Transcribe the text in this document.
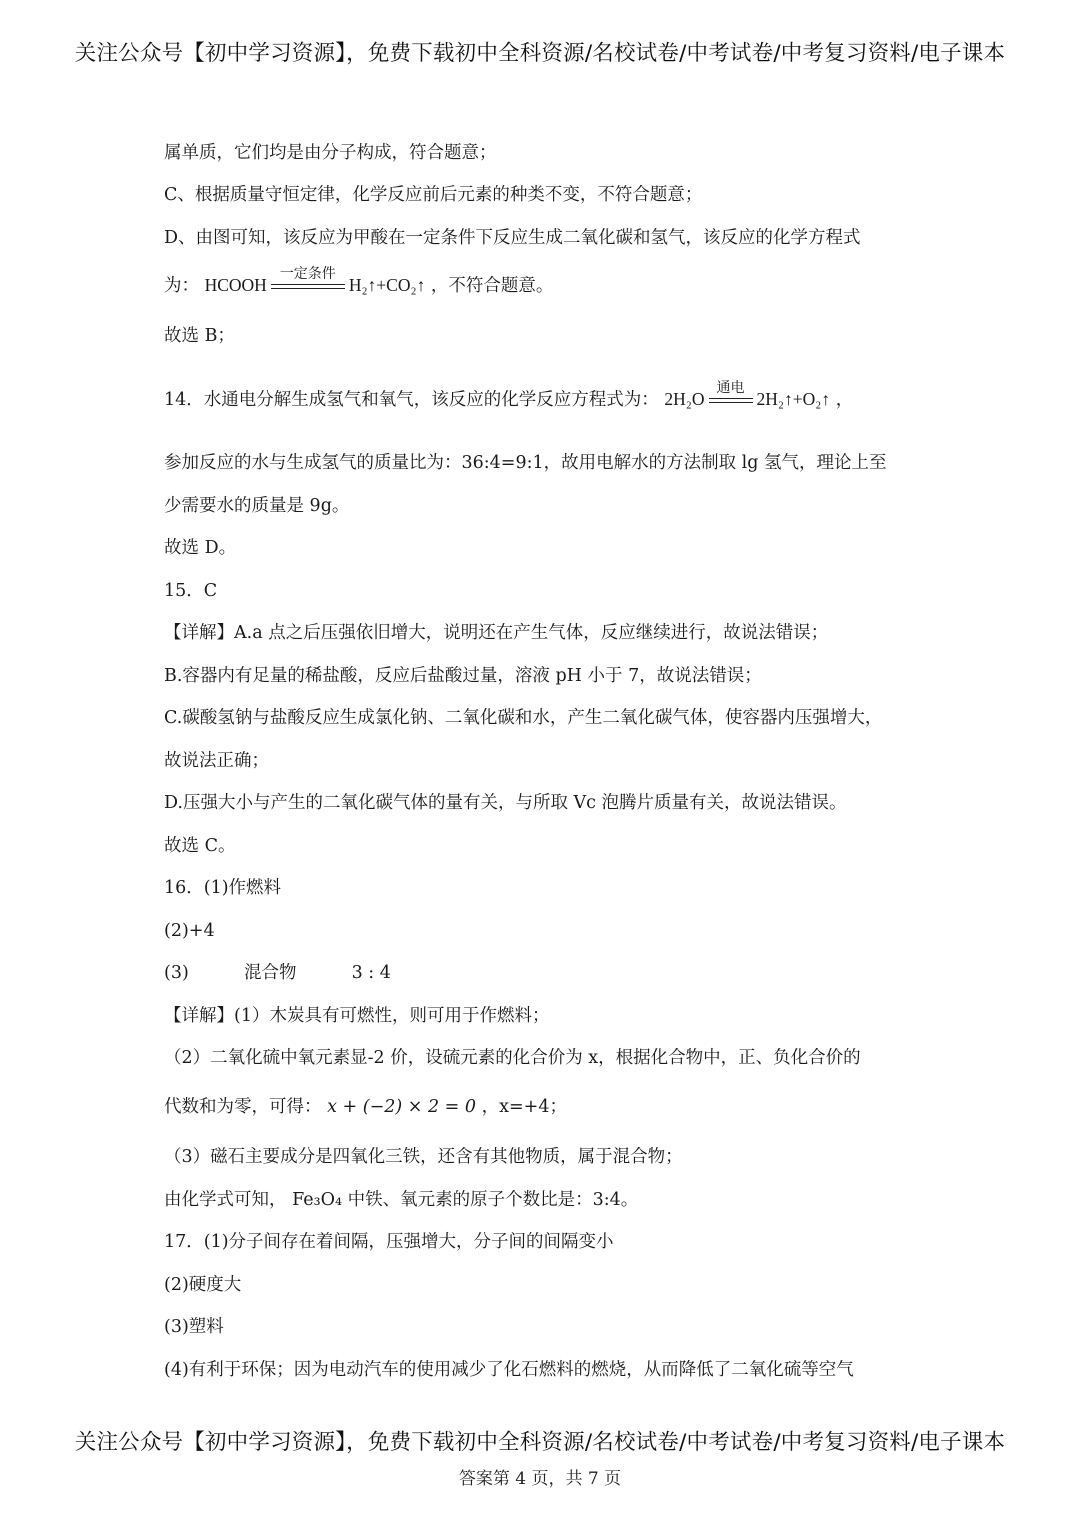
关注公众号【初中学习资源】，免费下载初中全科资源/名校试卷/中考试卷/中考复习资料/电子课本
属单质，它们均是由分子构成，符合题意；
C、根据质量守恒定律，化学反应前后元素的种类不变，不符合题意；
D、由图可知，该反应为甲酸在一定条件下反应生成二氧化碳和氢气，该反应的化学方程式
为： HCOOH
一定条件
H₂↑+CO₂↑ ，不符合题意。
故选 B；
14．水通电分解生成氢气和氧气，该反应的化学反应方程式为： 2H₂O
通电
2H₂↑+O₂↑ ，
参加反应的水与生成氢气的质量比为：36:4=9:1，故用电解水的方法制取 lg 氢气，理论上至
少需要水的质量是 9g。
故选 D。
15．C
【详解】A.a 点之后压强依旧增大，说明还在产生气体，反应继续进行，故说法错误；
B.容器内有足量的稀盐酸，反应后盐酸过量，溶液 pH 小于 7，故说法错误；
C.碳酸氢钠与盐酸反应生成氯化钠、二氧化碳和水，产生二氧化碳气体，使容器内压强增大，
故说法正确；
D.压强大小与产生的二氧化碳气体的量有关，与所取 Vc 泡腾片质量有关，故说法错误。
故选 C。
16．(1)作燃料
(2)+4
(3)	混合物	3 : 4
【详解】(1）木炭具有可燃性，则可用于作燃料；
（2）二氧化硫中氧元素显-2 价，设硫元素的化合价为 x，根据化合物中，正、负化合价的
代数和为零，可得： x + (−2) × 2 = 0 ，x=+4；
（3）磁石主要成分是四氧化三铁，还含有其他物质，属于混合物；
由化学式可知， Fe₃O₄ 中铁、氧元素的原子个数比是：3:4。
17．(1)分子间存在着间隔，压强增大，分子间的间隔变小
(2)硬度大
(3)塑料
(4)有利于环保；因为电动汽车的使用减少了化石燃料的燃烧，从而降低了二氧化硫等空气
关注公众号【初中学习资源】，免费下载初中全科资源/名校试卷/中考试卷/中考复习资料/电子课本
答案第 4 页，共 7 页
